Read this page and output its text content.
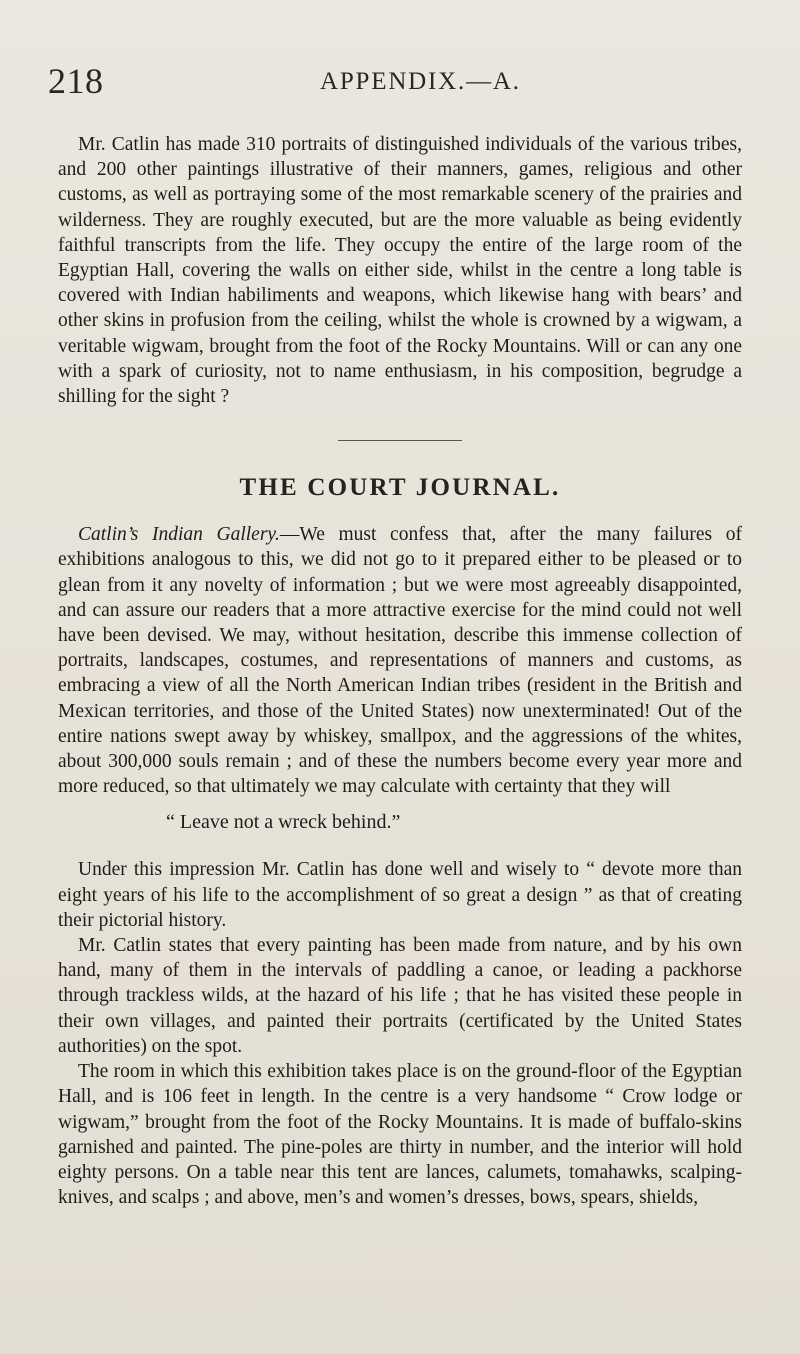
218	APPENDIX.—A.

Mr. Catlin has made 310 portraits of distinguished individuals of the various tribes, and 200 other paintings illustrative of their manners, games, religious and other customs, as well as portraying some of the most remarkable scenery of the prairies and wilderness. They are roughly executed, but are the more valuable as being evidently faithful transcripts from the life. They occupy the entire of the large room of the Egyptian Hall, covering the walls on either side, whilst in the centre a long table is covered with Indian habiliments and weapons, which likewise hang with bears’ and other skins in profusion from the ceiling, whilst the whole is crowned by a wigwam, a veritable wigwam, brought from the foot of the Rocky Mountains. Will or can any one with a spark of curiosity, not to name enthusiasm, in his composition, begrudge a shilling for the sight ?

THE COURT JOURNAL.

Catlin’s Indian Gallery.—We must confess that, after the many failures of exhibitions analogous to this, we did not go to it prepared either to be pleased or to glean from it any novelty of information ; but we were most agreeably disappointed, and can assure our readers that a more attractive exercise for the mind could not well have been devised. We may, without hesitation, describe this immense collection of portraits, landscapes, costumes, and representations of manners and customs, as embracing a view of all the North American Indian tribes (resident in the British and Mexican territories, and those of the United States) now unexterminated! Out of the entire nations swept away by whiskey, smallpox, and the aggressions of the whites, about 300,000 souls remain ; and of these the numbers become every year more and more reduced, so that ultimately we may calculate with certainty that they will

“ Leave not a wreck behind.”

Under this impression Mr. Catlin has done well and wisely to “ devote more than eight years of his life to the accomplishment of so great a design ” as that of creating their pictorial history.

Mr. Catlin states that every painting has been made from nature, and by his own hand, many of them in the intervals of paddling a canoe, or leading a packhorse through trackless wilds, at the hazard of his life ; that he has visited these people in their own villages, and painted their portraits (certificated by the United States authorities) on the spot.

The room in which this exhibition takes place is on the ground-floor of the Egyptian Hall, and is 106 feet in length. In the centre is a very handsome “ Crow lodge or wigwam,” brought from the foot of the Rocky Mountains. It is made of buffalo-skins garnished and painted. The pine-poles are thirty in number, and the interior will hold eighty persons. On a table near this tent are lances, calumets, tomahawks, scalping-knives, and scalps ; and above, men’s and women’s dresses, bows, spears, shields,
